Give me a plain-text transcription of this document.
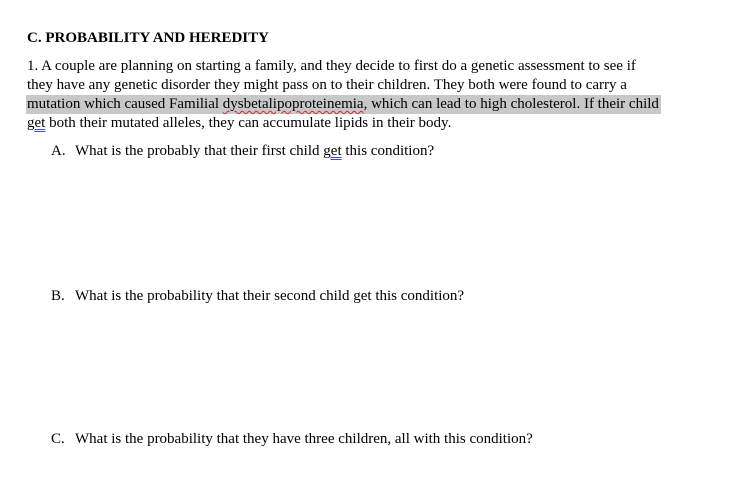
C. PROBABILITY AND HEREDITY
1. A couple are planning on starting a family, and they decide to first do a genetic assessment to see if
they have any genetic disorder they might pass on to their children. They both were found to carry a
mutation which caused Familial dysbetalipoproteinemia, which can lead to high cholesterol. If their child
get both their mutated alleles, they can accumulate lipids in their body.
A. What is the probably that their first child get this condition?
B. What is the probability that their second child get this condition?
C. What is the probability that they have three children, all with this condition?
